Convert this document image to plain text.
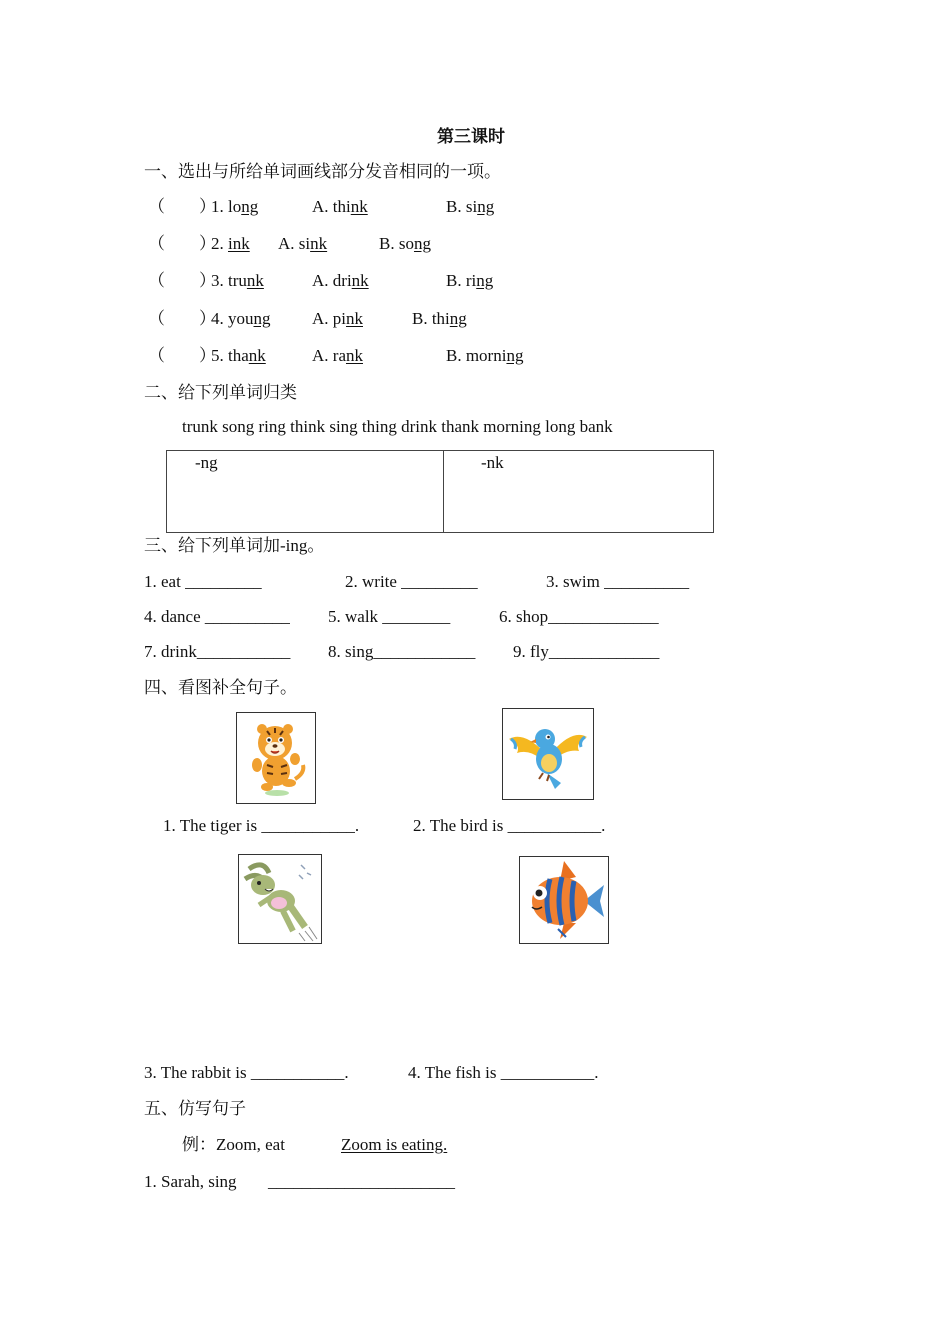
第三课时
一、选出与所给单词画线部分发音相同的一项。
（　　）
1. long	A. think	B. sing
（　　）
2. ink A. sink	B. song
（　　）
3. trunk	A. drink	B. ring
（　　）
4. young A. pink	B. thing
（　　）
5. thank	A. rank	B. morning
二、给下列单词归类
trunk song ring think sing thing drink thank morning long bank
-ng	-nk
三、给下列单词加-ing。
1. eat _________	2. write _________	3. swim __________
4. dance __________ 5. walk ________	6. shop_____________
7. drink___________ 8. sing____________ 9. fly_____________
四、看图补全句子。
1. The tiger is ___________.	2. The bird is ___________.
3. The rabbit is ___________.	4. The fish is ___________.
五、仿写句子
例：Zoom, eat	Zoom is eating.
1. Sarah, sing ______________________
